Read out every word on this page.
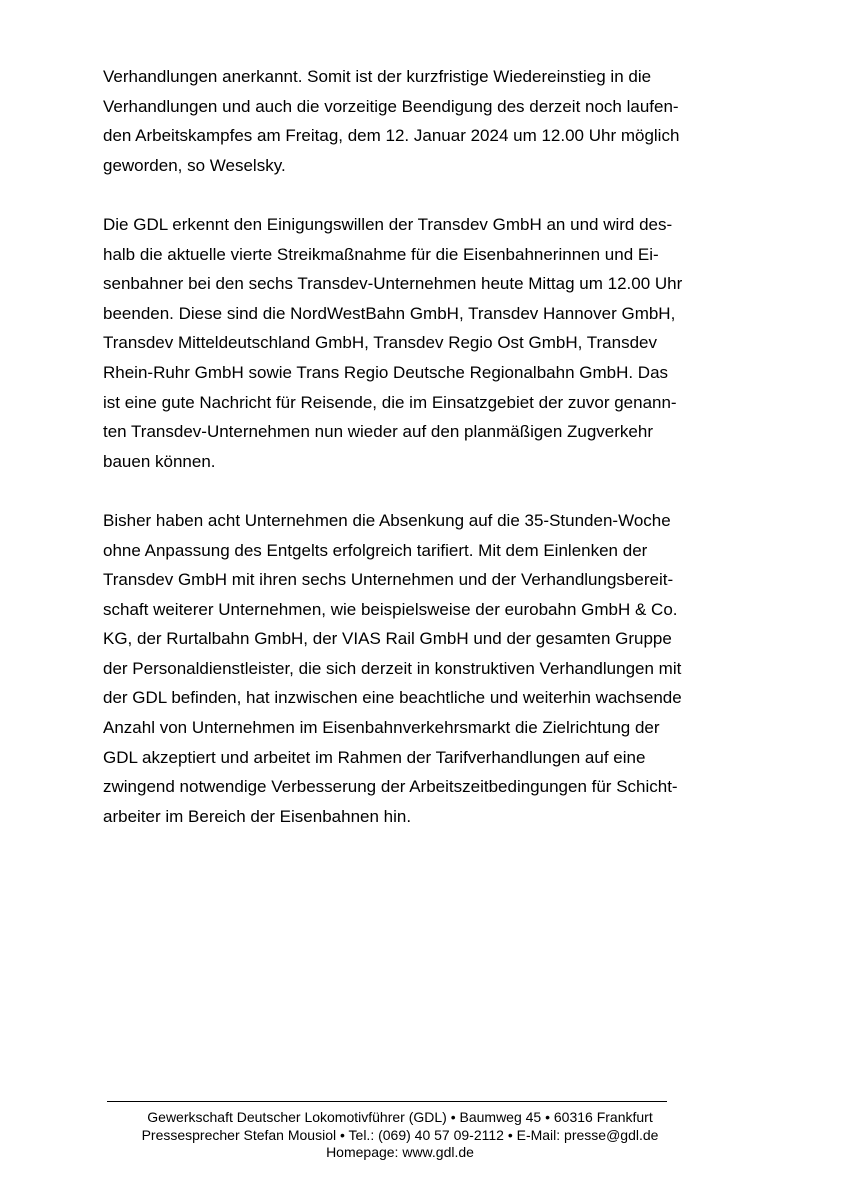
Verhandlungen anerkannt. Somit ist der kurzfristige Wiedereinstieg in die
Verhandlungen und auch die vorzeitige Beendigung des derzeit noch laufen-
den Arbeitskampfes am Freitag, dem 12. Januar 2024 um 12.00 Uhr möglich
geworden, so Weselsky.
Die GDL erkennt den Einigungswillen der Transdev GmbH an und wird des-
halb die aktuelle vierte Streikmaßnahme für die Eisenbahnerinnen und Ei-
senbahner bei den sechs Transdev-Unternehmen heute Mittag um 12.00 Uhr
beenden. Diese sind die NordWestBahn GmbH, Transdev Hannover GmbH,
Transdev Mitteldeutschland GmbH, Transdev Regio Ost GmbH, Transdev
Rhein-Ruhr GmbH sowie Trans Regio Deutsche Regionalbahn GmbH. Das
ist eine gute Nachricht für Reisende, die im Einsatzgebiet der zuvor genann-
ten Transdev-Unternehmen nun wieder auf den planmäßigen Zugverkehr
bauen können.
Bisher haben acht Unternehmen die Absenkung auf die 35-Stunden-Woche
ohne Anpassung des Entgelts erfolgreich tarifiert. Mit dem Einlenken der
Transdev GmbH mit ihren sechs Unternehmen und der Verhandlungsbereit-
schaft weiterer Unternehmen, wie beispielsweise der eurobahn GmbH & Co.
KG, der Rurtalbahn GmbH, der VIAS Rail GmbH und der gesamten Gruppe
der Personaldienstleister, die sich derzeit in konstruktiven Verhandlungen mit
der GDL befinden, hat inzwischen eine beachtliche und weiterhin wachsende
Anzahl von Unternehmen im Eisenbahnverkehrsmarkt die Zielrichtung der
GDL akzeptiert und arbeitet im Rahmen der Tarifverhandlungen auf eine
zwingend notwendige Verbesserung der Arbeitszeitbedingungen für Schicht-
arbeiter im Bereich der Eisenbahnen hin.
Gewerkschaft Deutscher Lokomotivführer (GDL) • Baumweg 45 • 60316 Frankfurt
Pressesprecher Stefan Mousiol • Tel.: (069) 40 57 09-2112 • E-Mail: presse@gdl.de
Homepage: www.gdl.de
